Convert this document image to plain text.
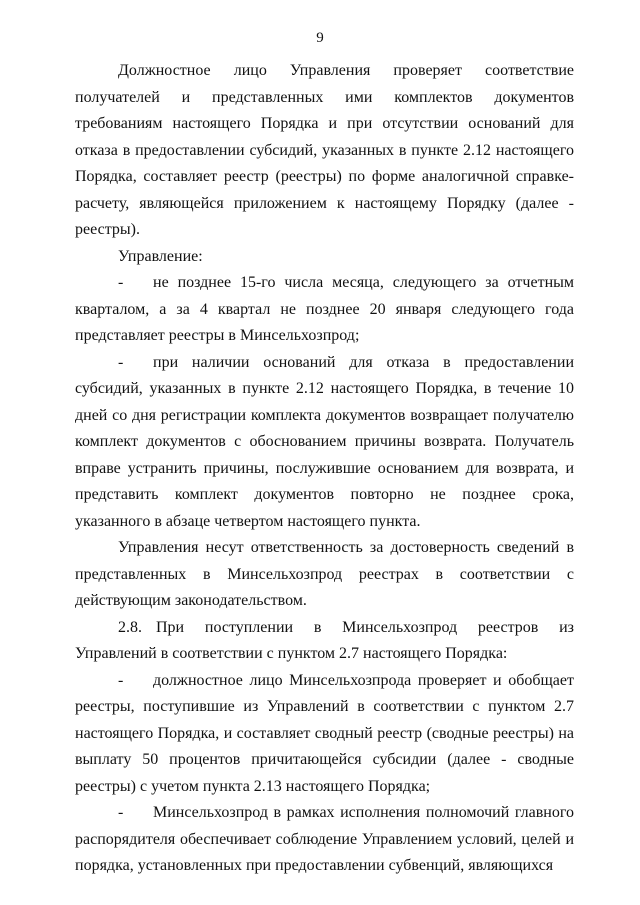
9

Должностное лицо Управления проверяет соответствие получателей и представленных ими комплектов документов требованиям настоящего Порядка и при отсутствии оснований для отказа в предоставлении субсидий, указанных в пункте 2.12 настоящего Порядка, составляет реестр (реестры) по форме аналогичной справке-расчету, являющейся приложением к настоящему Порядку (далее - реестры).

Управление:

- не позднее 15-го числа месяца, следующего за отчетным кварталом, а за 4 квартал не позднее 20 января следующего года представляет реестры в Минсельхозпрод;

- при наличии оснований для отказа в предоставлении субсидий, указанных в пункте 2.12 настоящего Порядка, в течение 10 дней со дня регистрации комплекта документов возвращает получателю комплект документов с обоснованием причины возврата. Получатель вправе устранить причины, послужившие основанием для возврата, и представить комплект документов повторно не позднее срока, указанного в абзаце четвертом настоящего пункта.

Управления несут ответственность за достоверность сведений в представленных в Минсельхозпрод реестрах в соответствии с действующим законодательством.

2.8. При поступлении в Минсельхозпрод реестров из Управлений в соответствии с пунктом 2.7 настоящего Порядка:

- должностное лицо Минсельхозпрода проверяет и обобщает реестры, поступившие из Управлений в соответствии с пунктом 2.7 настоящего Порядка, и составляет сводный реестр (сводные реестры) на выплату 50 процентов причитающейся субсидии (далее - сводные реестры) с учетом пункта 2.13 настоящего Порядка;

- Минсельхозпрод в рамках исполнения полномочий главного распорядителя обеспечивает соблюдение Управлением условий, целей и порядка, установленных при предоставлении субвенций, являющихся
